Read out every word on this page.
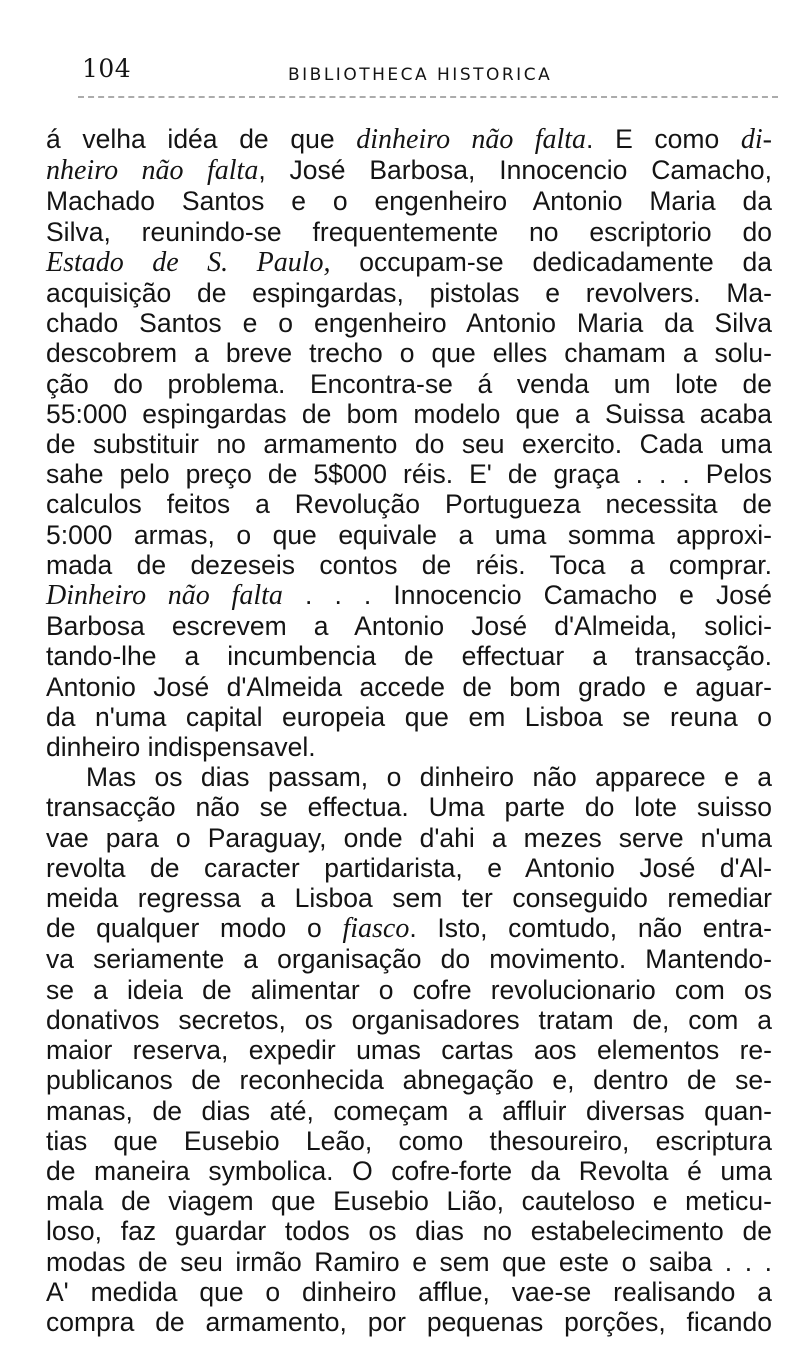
104	BIBLIOTHECA HISTORICA
á velha idéa de que dinheiro não falta. E como di-
nheiro não falta, José Barbosa, Innocencio Camacho,
Machado Santos e o engenheiro Antonio Maria da
Silva, reunindo-se frequentemente no escriptorio do
Estado de S. Paulo, occupam-se dedicadamente da
acquisição de espingardas, pistolas e revolvers. Ma-
chado Santos e o engenheiro Antonio Maria da Silva
descobrem a breve trecho o que elles chamam a solu-
ção do problema. Encontra-se á venda um lote de
55:000 espingardas de bom modelo que a Suissa acaba
de substituir no armamento do seu exercito. Cada uma
sahe pelo preço de 5$000 réis. E' de graça . . . Pelos
calculos feitos a Revolução Portugueza necessita de
5:000 armas, o que equivale a uma somma approxi-
mada de dezeseis contos de réis. Toca a comprar.
Dinheiro não falta . . . Innocencio Camacho e José
Barbosa escrevem a Antonio José d'Almeida, solici-
tando-lhe a incumbencia de effectuar a transacção.
Antonio José d'Almeida accede de bom grado e aguar-
da n'uma capital europeia que em Lisboa se reuna o
dinheiro indispensavel.
Mas os dias passam, o dinheiro não apparece e a
transacção não se effectua. Uma parte do lote suisso
vae para o Paraguay, onde d'ahi a mezes serve n'uma
revolta de caracter partidarista, e Antonio José d'Al-
meida regressa a Lisboa sem ter conseguido remediar
de qualquer modo o fiasco. Isto, comtudo, não entra-
va seriamente a organisação do movimento. Mantendo-
se a ideia de alimentar o cofre revolucionario com os
donativos secretos, os organisadores tratam de, com a
maior reserva, expedir umas cartas aos elementos re-
publicanos de reconhecida abnegação e, dentro de se-
manas, de dias até, começam a affluir diversas quan-
tias que Eusebio Leão, como thesoureiro, escriptura
de maneira symbolica. O cofre-forte da Revolta é uma
mala de viagem que Eusebio Lião, cauteloso e meticu-
loso, faz guardar todos os dias no estabelecimento de
modas de seu irmão Ramiro e sem que este o saiba . . .
A' medida que o dinheiro afflue, vae-se realisando a
compra de armamento, por pequenas porções, ficando
